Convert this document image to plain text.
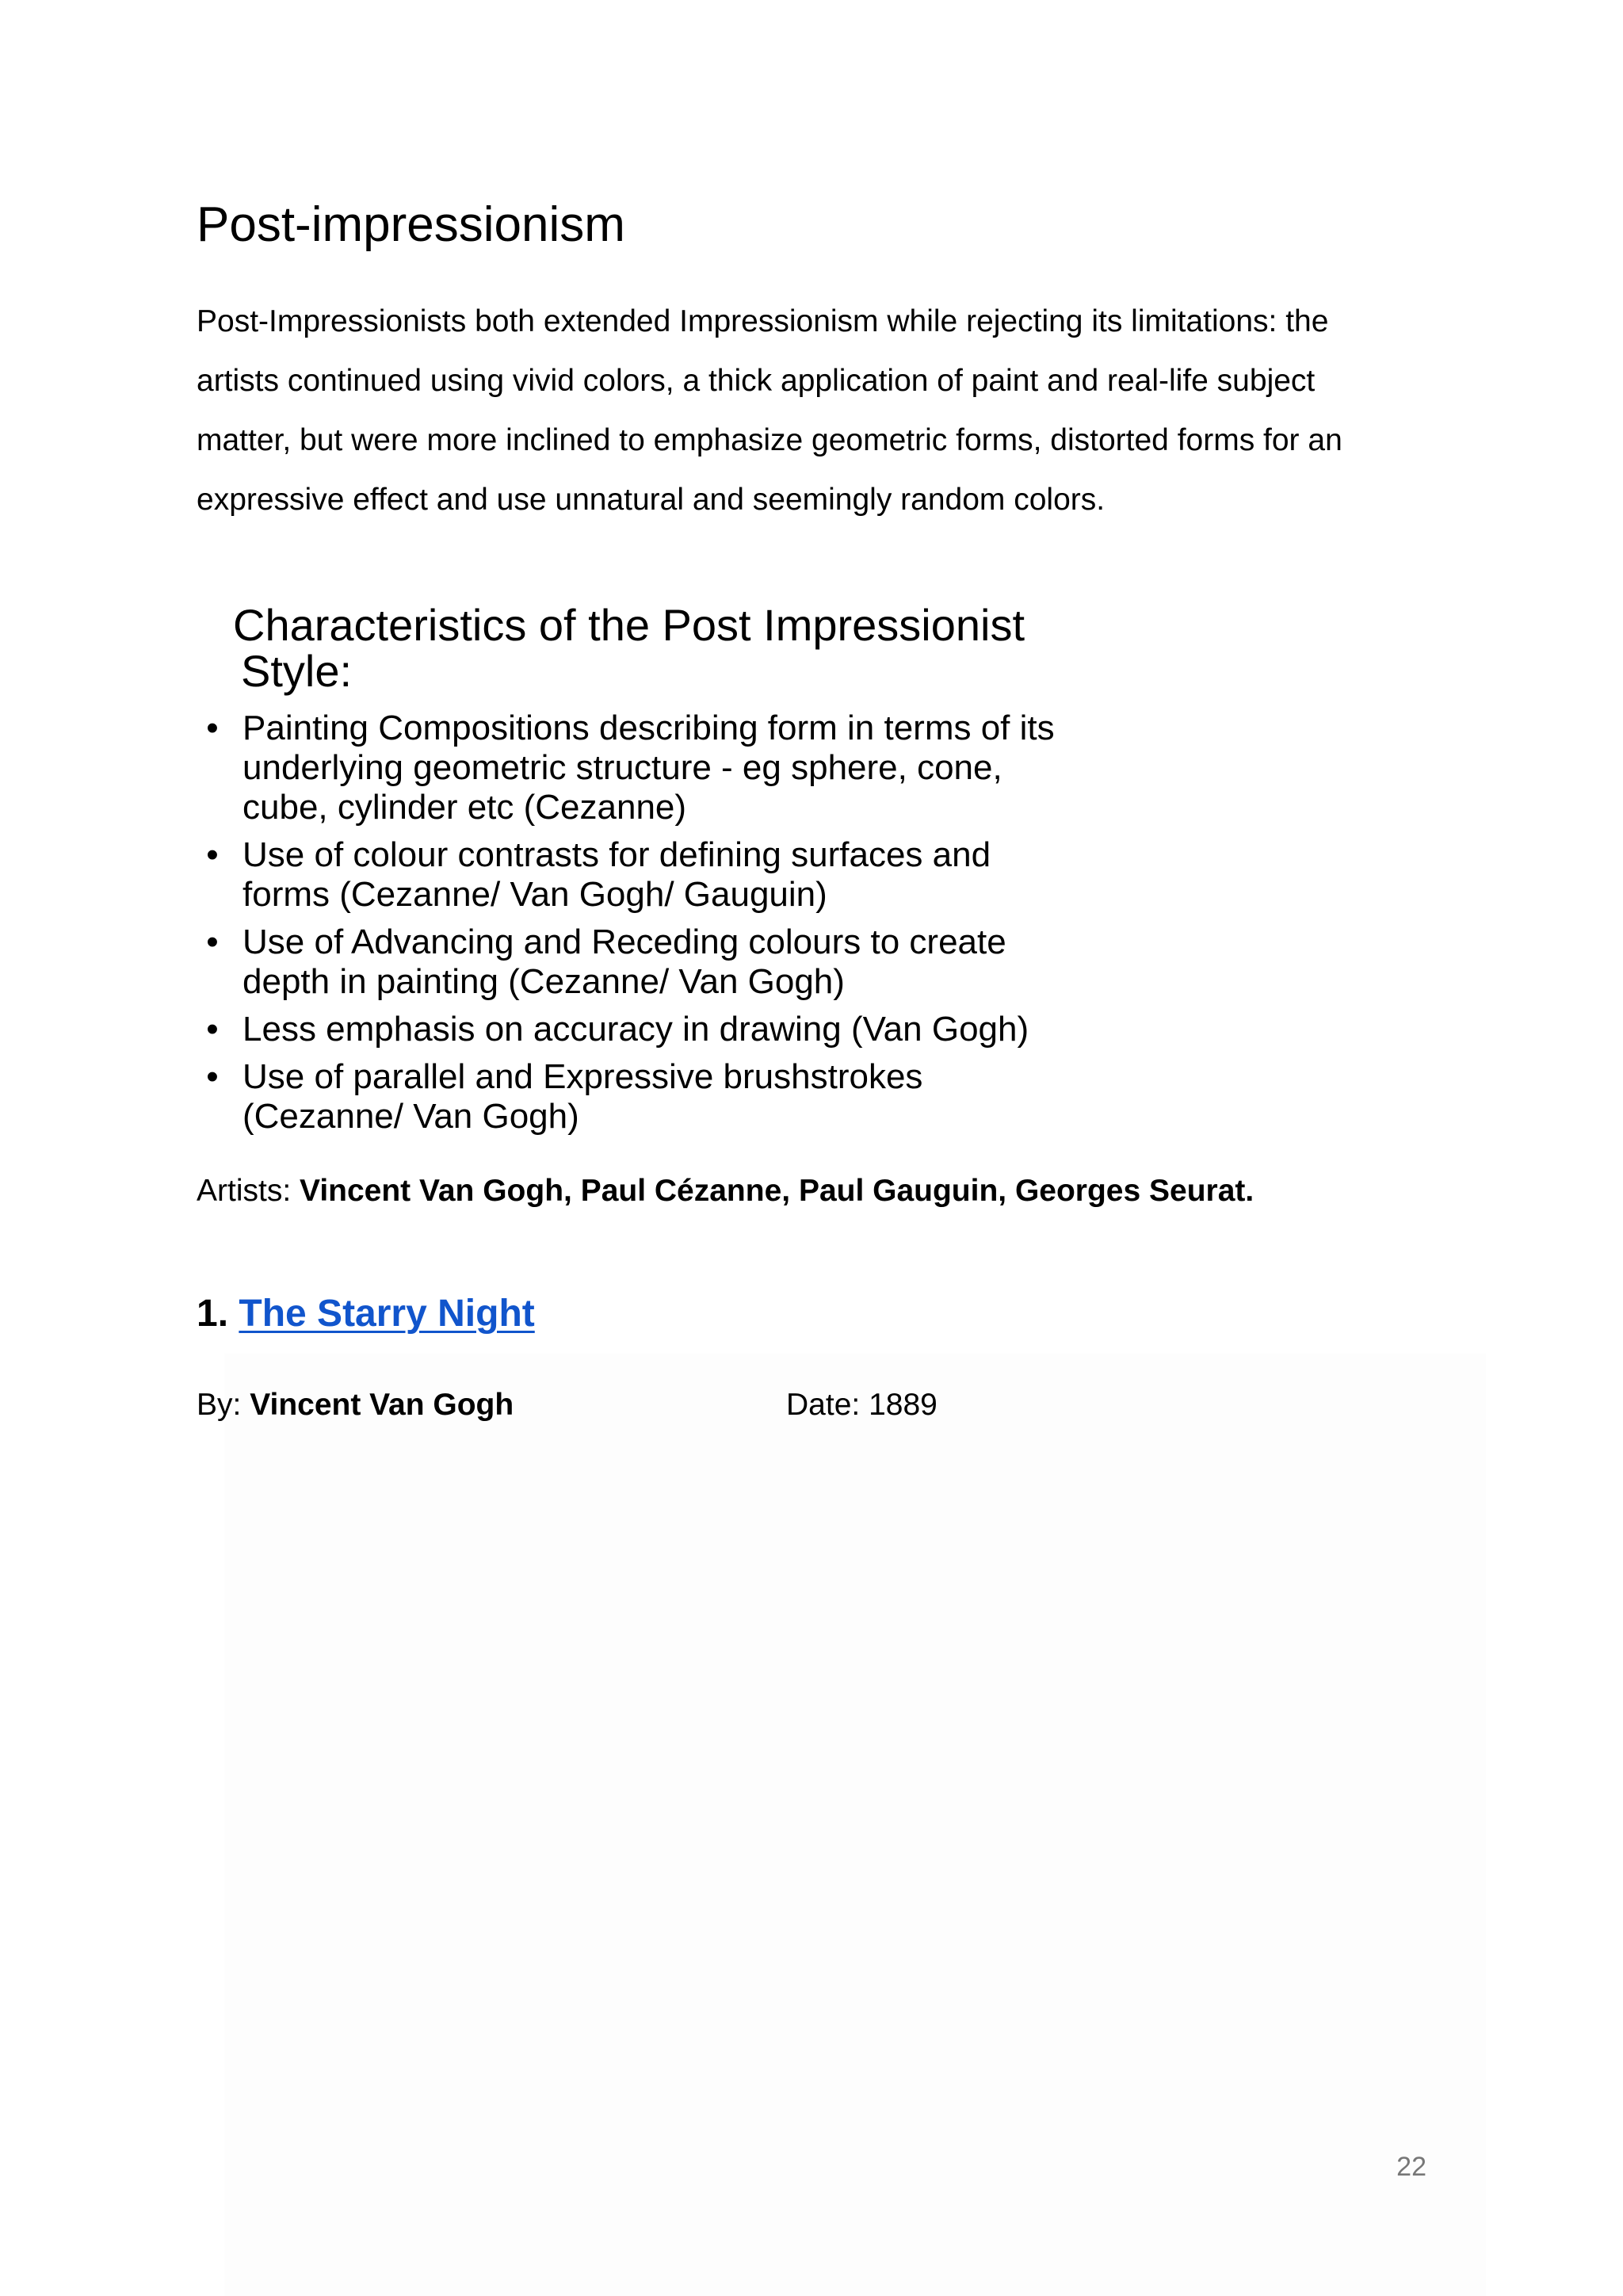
Post-impressionism

Post-Impressionists both extended Impressionism while rejecting its limitations: the
artists continued using vivid colors, a thick application of paint and real-life subject
matter, but were more inclined to emphasize geometric forms, distorted forms for an
expressive effect and use unnatural and seemingly random colors.

Characteristics of the Post Impressionist
Style:
• Painting Compositions describing form in terms of its
underlying geometric structure - eg sphere, cone,
cube, cylinder etc (Cezanne)
• Use of colour contrasts for defining surfaces and
forms (Cezanne/ Van Gogh/ Gauguin)
• Use of Advancing and Receding colours to create
depth in painting (Cezanne/ Van Gogh)
• Less emphasis on accuracy in drawing (Van Gogh)
• Use of parallel and Expressive brushstrokes
(Cezanne/ Van Gogh)

Artists: Vincent Van Gogh, Paul Cézanne, Paul Gauguin, Georges Seurat.

1. The Starry Night

By: Vincent Van Gogh	Date: 1889

22
